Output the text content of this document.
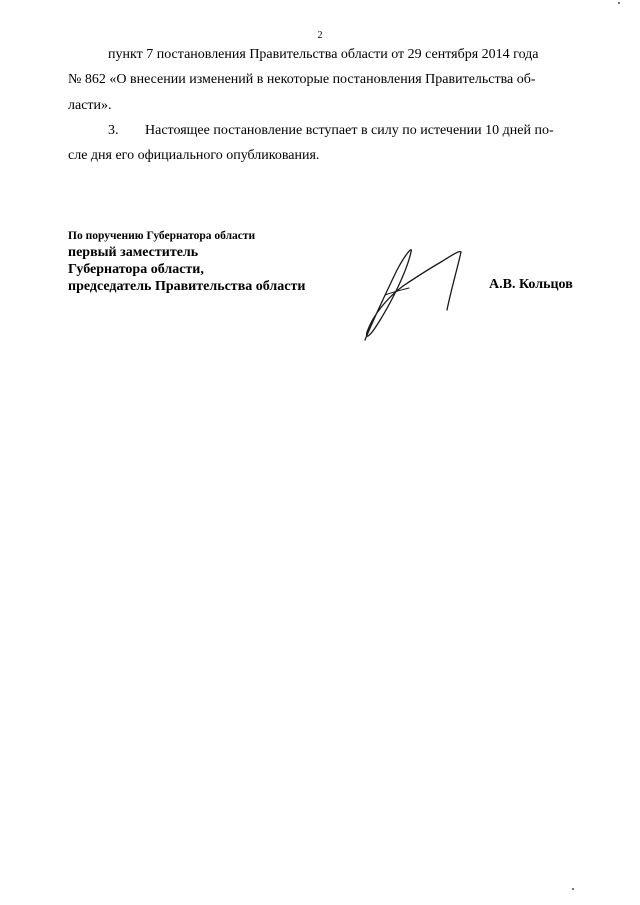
2

пункт 7 постановления Правительства области от 29 сентября 2014 года

№ 862 «О внесении изменений в некоторые постановления Правительства об-

ласти».

3. Настоящее постановление вступает в силу по истечении 10 дней по-

сле дня его официального опубликования.

По поручению Губернатора области

первый заместитель

Губернатора области,

председатель Правительства области	А.В. Кольцов
